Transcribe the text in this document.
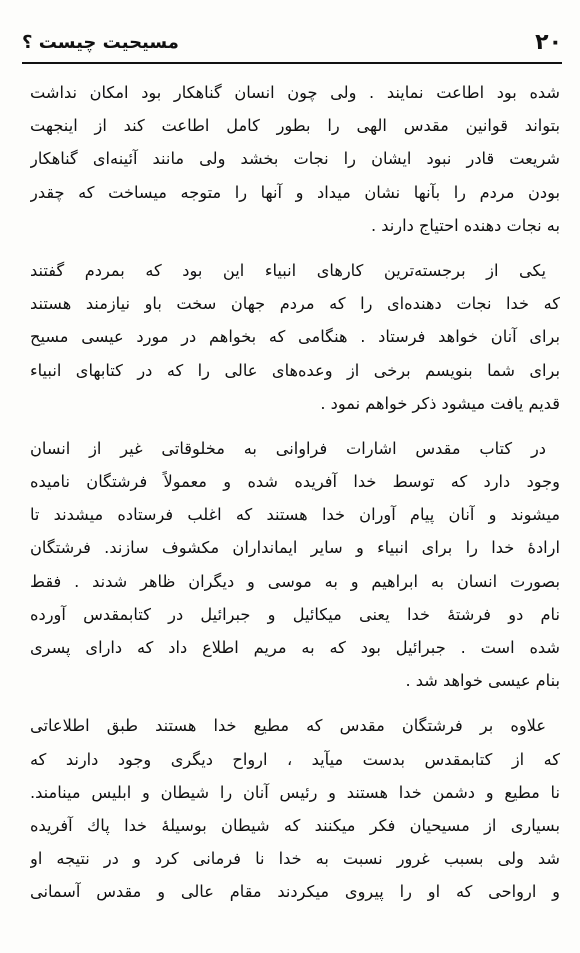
۲۰
مسیحیت چیست ؟
شده بود اطاعت نمایند . ولی چون انسان گناهکار بود امکان نداشت
بتواند قوانین مقدس الهی را بطور کامل اطاعت کند از اینجهت
شریعت قادر نبود ایشان را نجات بخشد ولی مانند آئینه‌ای گناهکار
بودن مردم را بآنها نشان میداد و آنها را متوجه میساخت که چقدر
به نجات دهنده احتیاج دارند .
یکی از برجسته‌ترین کارهای انبیاء این بود که بمردم گفتند
که خدا نجات دهنده‌ای را که مردم جهان سخت باو نیازمند هستند
برای آنان خواهد فرستاد . هنگامی که بخواهم در مورد عیسی مسیح
برای شما بنویسم برخی از وعده‌های عالی را که در کتابهای انبیاء
قدیم یافت میشود ذکر خواهم نمود .
در کتاب مقدس اشارات فراوانی به مخلوقاتی غیر از انسان
وجود دارد که توسط خدا آفریده شده و معمولاً فرشتگان نامیده
میشوند و آنان پیام آوران خدا هستند که اغلب فرستاده میشدند تا
ارادهٔ خدا را برای انبیاء و سایر ایمانداران مکشوف سازند. فرشتگان
بصورت انسان به ابراهیم و به موسی و دیگران ظاهر شدند . فقط
نام دو فرشتهٔ خدا یعنی میکائیل و جبرائیل در کتابمقدس آورده
شده است . جبرائیل بود که به مریم اطلاع داد که دارای پسری
بنام عیسی خواهد شد .
علاوه بر فرشتگان مقدس که مطیع خدا هستند طبق اطلاعاتی
که از کتابمقدس بدست میآید ، ارواح دیگری وجود دارند که
نا مطیع و دشمن خدا هستند و رئیس آنان را شیطان و ابلیس مینامند.
بسیاری از مسیحیان فکر میکنند که شیطان بوسیلهٔ خدا پاك آفریده
شد ولی بسبب غرور نسبت به خدا نا فرمانی کرد و در نتیجه او
و ارواحی که او را پیروی میکردند مقام عالی و مقدس آسمانی
